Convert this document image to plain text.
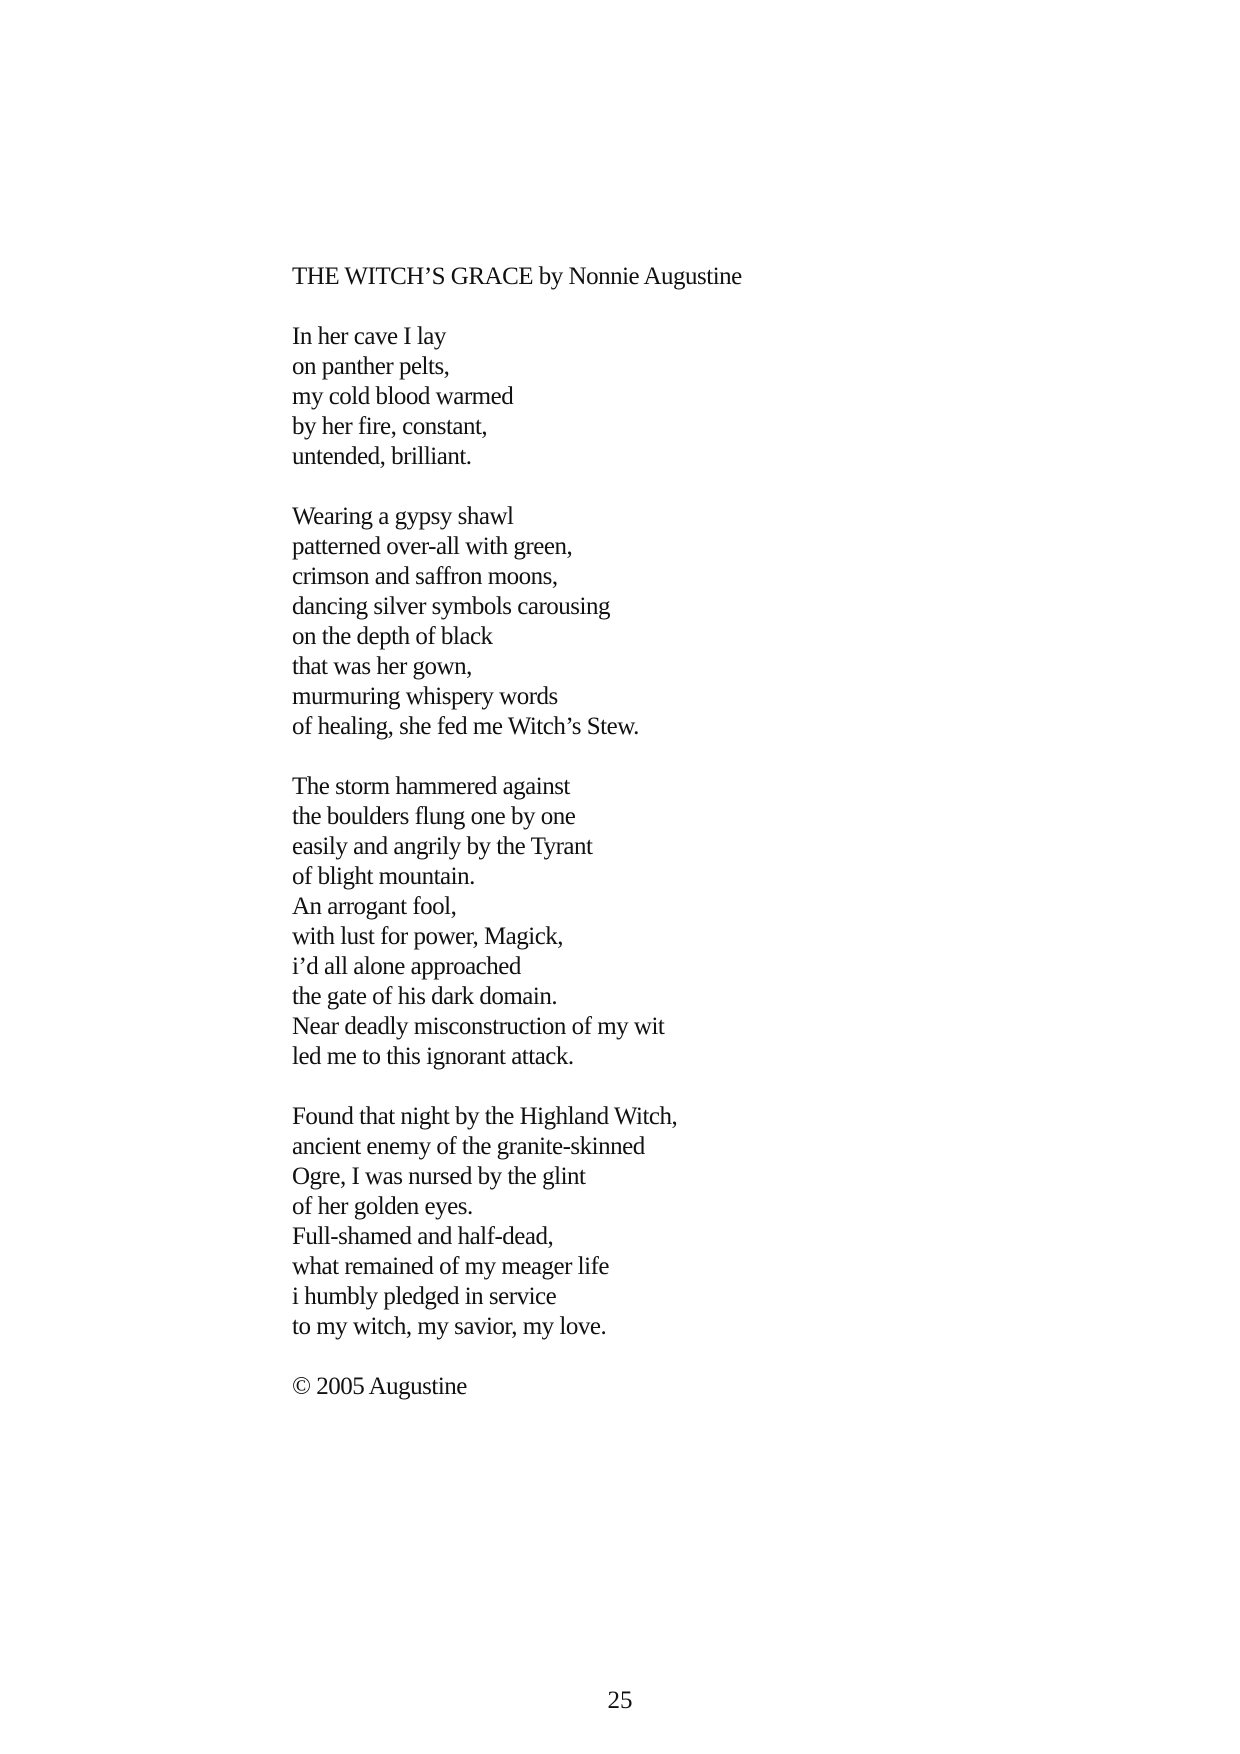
THE WITCH’S GRACE by Nonnie Augustine
In her cave I lay
on panther pelts,
my cold blood warmed
by her fire, constant,
untended, brilliant.
Wearing a gypsy shawl
patterned over-all with green,
crimson and saffron moons,
dancing silver symbols carousing
on the depth of black
that was her gown,
murmuring whispery words
of healing, she fed me Witch’s Stew.
The storm hammered against
the boulders flung one by one
easily and angrily by the Tyrant
of blight mountain.
An arrogant fool,
with lust for power, Magick,
i’d all alone approached
the gate of his dark domain.
Near deadly misconstruction of my wit
led me to this ignorant attack.
Found that night by the Highland Witch,
ancient enemy of the granite-skinned
Ogre, I was nursed by the glint
of her golden eyes.
Full-shamed and half-dead,
what remained of my meager life
i humbly pledged in service
to my witch, my savior, my love.
© 2005 Augustine
25
